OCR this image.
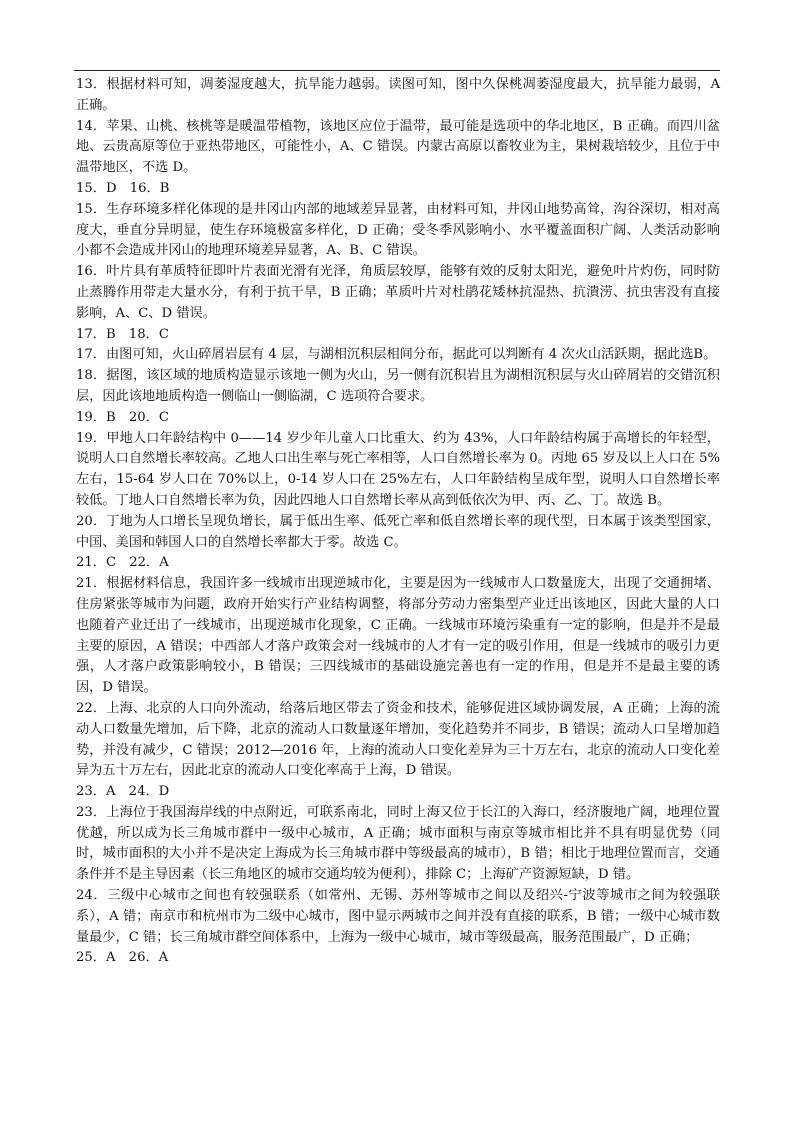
13．根据材料可知，凋萎湿度越大，抗旱能力越弱。读图可知，图中久保桃凋萎湿度最大，抗旱能力最弱，A 正确。

14．苹果、山桃、核桃等是暖温带植物，该地区应位于温带，最可能是选项中的华北地区，B 正确。而四川盆地、云贵高原等位于亚热带地区，可能性小，A、C 错误。内蒙古高原以畜牧业为主，果树栽培较少，且位于中温带地区，不选 D。

15．D　16．B

15．生存环境多样化体现的是井冈山内部的地域差异显著，由材料可知，井冈山地势高耸，沟谷深切，相对高度大，垂直分异明显，使生存环境极富多样化，D 正确；受冬季风影响小、水平覆盖面积广阔、人类活动影响小都不会造成井冈山的地理环境差异显著，A、B、C 错误。

16．叶片具有革质特征即叶片表面光滑有光泽，角质层较厚，能够有效的反射太阳光，避免叶片灼伤，同时防止蒸腾作用带走大量水分，有利于抗干旱，B 正确；革质叶片对杜鹃花矮林抗湿热、抗潰涝、抗虫害没有直接影响，A、C、D 错误。

17．B　18．C

17．由图可知，火山碎屑岩层有 4 层，与湖相沉积层相间分布，据此可以判断有 4 次火山活跃期，据此选B。

18．据图，该区域的地质构造显示该地一侧为火山，另一侧有沉积岩且为湖相沉积层与火山碎屑岩的交错沉积层，因此该地地质构造一侧临山一侧临湖，C 选项符合要求。

19．B　20．C

19．甲地人口年龄结构中 0——14 岁少年儿童人口比重大、约为 43%，人口年龄结构属于高增长的年轻型，说明人口自然增长率较高。乙地人口出生率与死亡率相等，人口自然增长率为 0。丙地 65 岁及以上人口在 5%左右，15-64 岁人口在 70%以上，0-14 岁人口在 25%左右，人口年龄结构呈成年型，说明人口自然增长率较低。丁地人口自然增长率为负，因此四地人口自然增长率从高到低依次为甲、丙、乙、丁。故选 B。

20．丁地为人口增长呈现负增长，属于低出生率、低死亡率和低自然增长率的现代型，日本属于该类型国家，中国、美国和韩国人口的自然增长率都大于零。故选 C。

21．C　22．A

21．根据材料信息，我国许多一线城市出现逆城市化，主要是因为一线城市人口数量庞大，出现了交通拥堵、住房紧张等城市为问题，政府开始实行产业结构调整，将部分劳动力密集型产业迁出该地区，因此大量的人口也随着产业迁出了一线城市，出现逆城市化现象，C 正确。一线城市环境污染重有一定的影响，但是并不是最主要的原因，A 错误；中西部人才落户政策会对一线城市的人才有一定的吸引作用，但是一线城市的吸引力更强，人才落户政策影响较小，B 错误；三四线城市的基础设施完善也有一定的作用，但是并不是最主要的诱因，D 错误。

22．上海、北京的人口向外流动，给落后地区带去了资金和技术，能够促进区域协调发展，A 正确；上海的流动人口数量先增加，后下降，北京的流动人口数量逐年增加，变化趋势并不同步，B 错误；流动人口呈增加趋势，并没有减少，C 错误；2012—2016 年，上海的流动人口变化差异为三十万左右，北京的流动人口变化差异为五十万左右，因此北京的流动人口变化率高于上海，D 错误。

23．A　24．D

23．上海位于我国海岸线的中点附近，可联系南北，同时上海又位于长江的入海口，经济腹地广阔，地理位置优越，所以成为长三角城市群中一级中心城市，A 正确；城市面积与南京等城市相比并不具有明显优势（同时，城市面积的大小并不是决定上海成为长三角城市群中等级最高的城市），B 错；相比于地理位置而言，交通条件并不是主导因素（长三角地区的城市交通均较为便利），排除 C；上海矿产资源短缺，D 错。

24．三级中心城市之间也有较强联系（如常州、无锡、苏州等城市之间以及绍兴-宁波等城市之间为较强联系），A 错；南京市和杭州市为二级中心城市，图中显示两城市之间并没有直接的联系，B 错；一级中心城市数量最少，C 错；长三角城市群空间体系中，上海为一级中心城市，城市等级最高，服务范围最广，D 正确；

25．A　26．A
